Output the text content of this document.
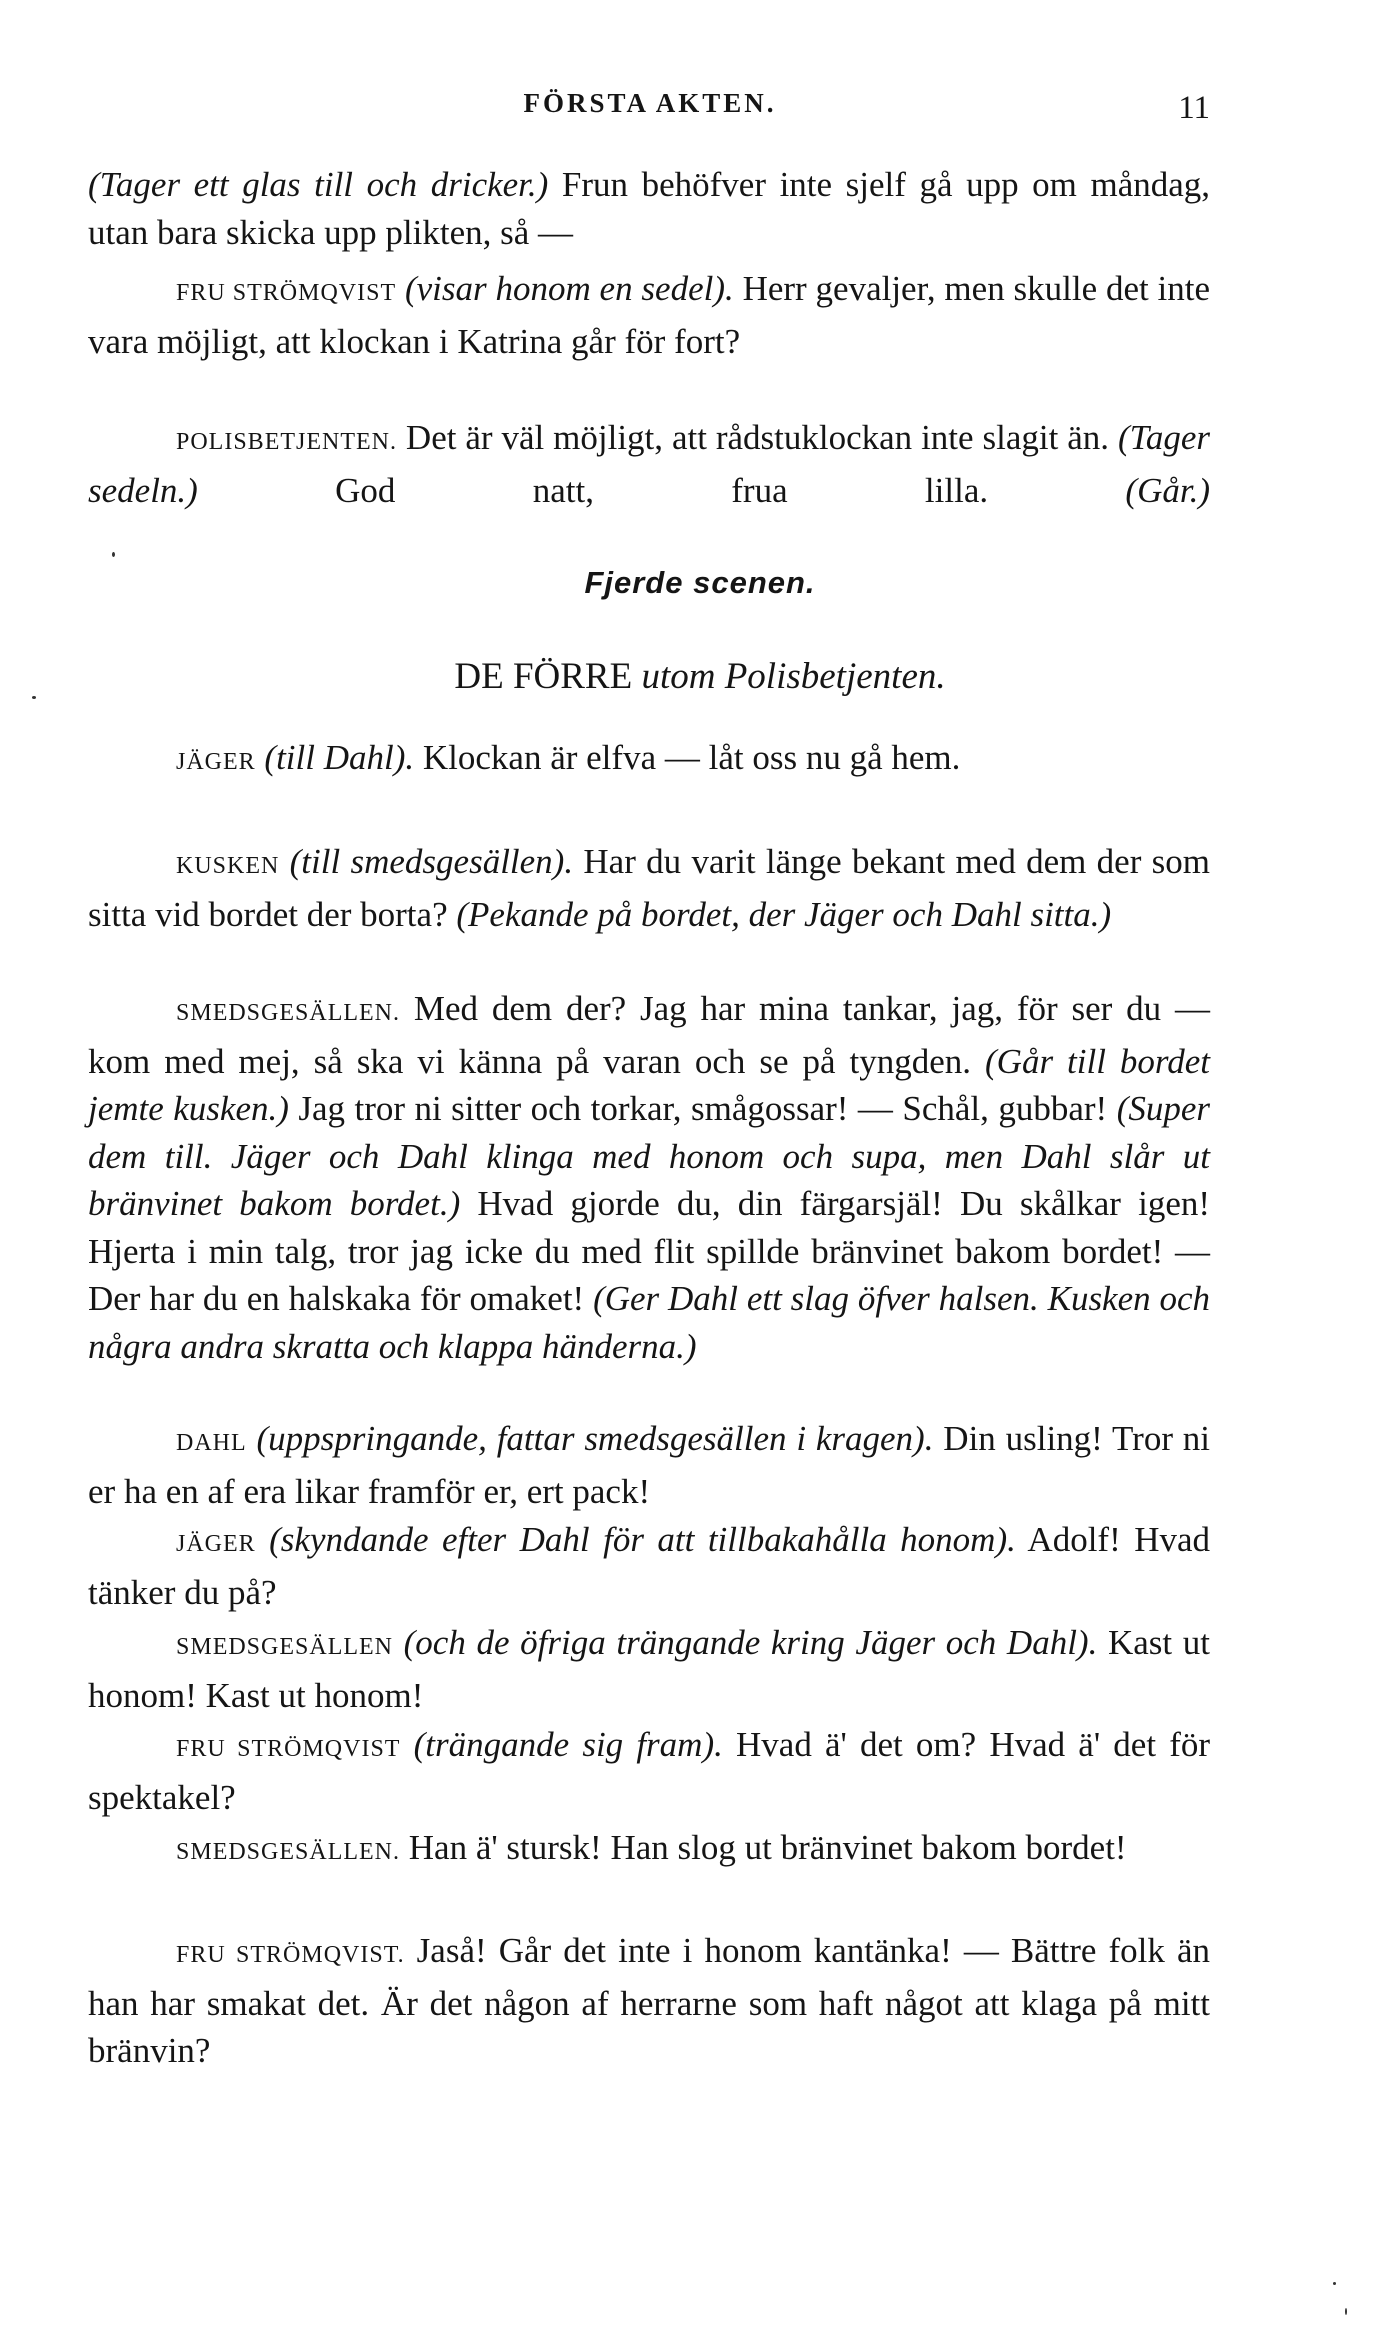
FÖRSTA AKTEN.	11

(Tager ett glas till och dricker.) Frun behöfver inte sjelf gå upp om måndag, utan bara skicka upp plikten, så —

FRU STRÖMQVIST (visar honom en sedel). Herr gevaljer, men skulle det inte vara möjligt, att klockan i Katrina går för fort?

POLISBETJENTEN. Det är väl möjligt, att rådstuklockan inte slagit än. (Tager sedeln.)	God natt, frua lilla.	(Går.)

Fjerde scenen.

DE FÖRRE utom Polisbetjenten.

JÄGER (till Dahl). Klockan är elfva — låt oss nu gå hem.

KUSKEN (till smedsgesällen). Har du varit länge bekant med dem der som sitta vid bordet der borta? (Pekande på bordet, der Jäger och Dahl sitta.)

SMEDSGESÄLLEN. Med dem der? Jag har mina tankar, jag, för ser du — kom med mej, så ska vi känna på varan och se på tyngden. (Går till bordet jemte kusken.) Jag tror ni sitter och torkar, smågossar! — Schål, gubbar! (Super dem till. Jäger och Dahl klinga med honom och supa, men Dahl slår ut bränvinet bakom bordet.) Hvad gjorde du, din färgarsjäl! Du skålkar igen! Hjerta i min talg, tror jag icke du med flit spillde bränvinet bakom bordet! — Der har du en halskaka för omaket! (Ger Dahl ett slag öfver halsen. Kusken och några andra skratta och klappa händerna.)

DAHL (uppspringande, fattar smedsgesällen i kragen). Din usling! Tror ni er ha en af era likar framför er, ert pack!

JÄGER (skyndande efter Dahl för att tillbakahålla honom). Adolf! Hvad tänker du på?

SMEDSGESÄLLEN (och de öfriga trängande kring Jäger och Dahl). Kast ut honom! Kast ut honom!

FRU STRÖMQVIST (trängande sig fram). Hvad ä' det om? Hvad ä' det för spektakel?

SMEDSGESÄLLEN. Han ä' stursk! Han slog ut bränvinet bakom bordet!

FRU STRÖMQVIST. Jaså! Går det inte i honom kantänka! — Bättre folk än han har smakat det. Är det någon af herrarne som haft något att klaga på mitt bränvin?
